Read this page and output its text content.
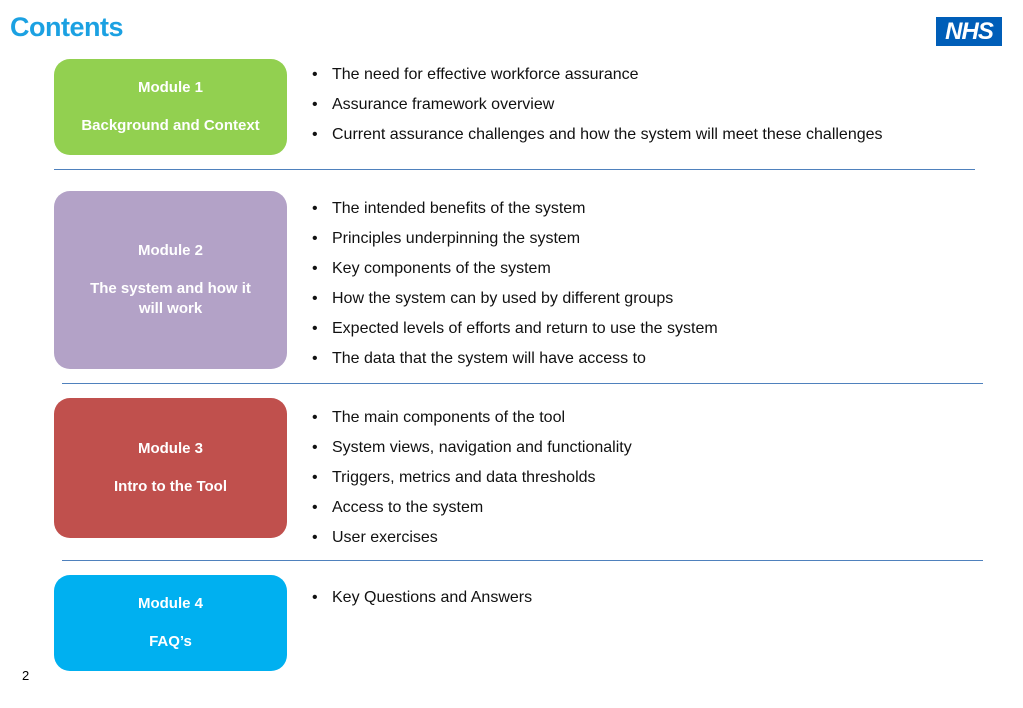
Contents	NHS
Module 1
Background and Context
• The need for effective workforce assurance
• Assurance framework overview
• Current assurance challenges and how the system will meet these challenges
Module 2
The system and how it will work
• The intended benefits of the system
• Principles underpinning the system
• Key components of the system
• How the system can by used by different groups
• Expected levels of efforts and return to use the system
• The data that the system will have access to
Module 3
Intro to the Tool
• The main components of the tool
• System views, navigation and functionality
• Triggers, metrics and data thresholds
• Access to the system
• User exercises
Module 4
FAQ’s
• Key Questions and Answers
2
